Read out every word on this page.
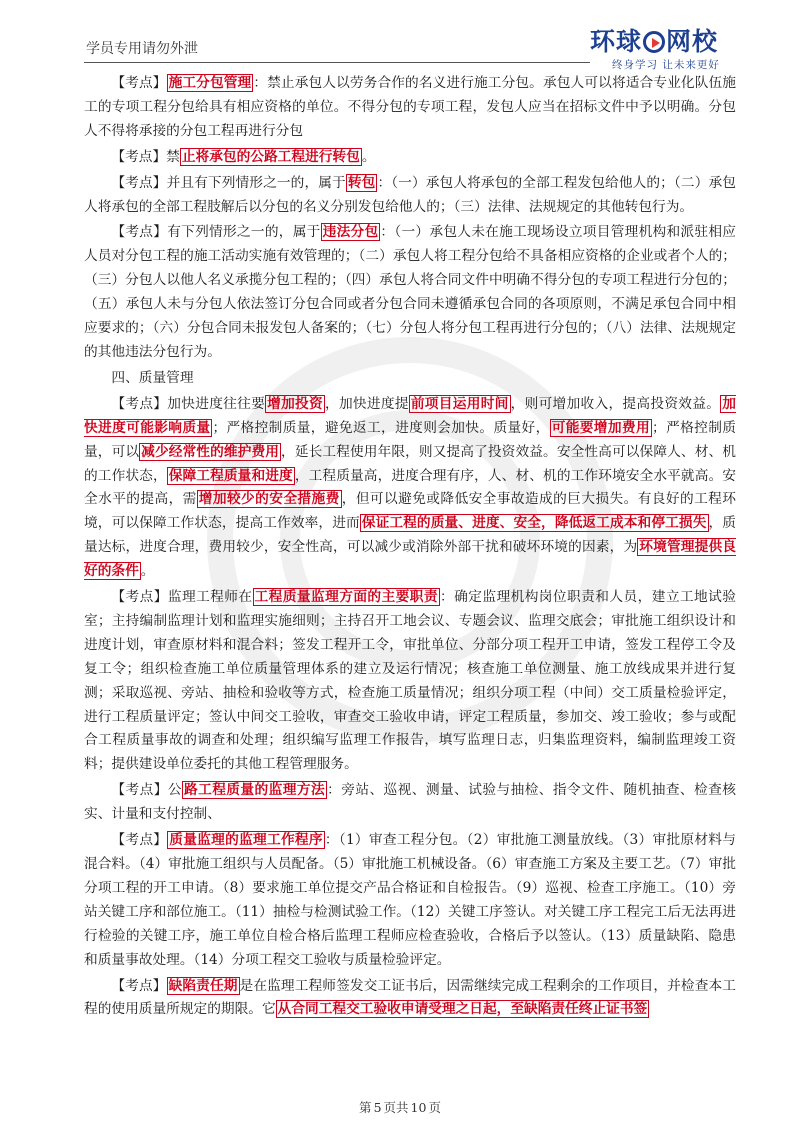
学员专用请勿外泄	环球 网校
终身学习 让未来更好

【考点】 施工分包管理 ：禁止承包人以劳务合作的名义进行施工分包。承包人可以将适合专业化队伍施工的专项工程分包给具有相应资格的单位。不得分包的专项工程，发包人应当在招标文件中予以明确。分包人不得将承接的分包工程再进行分包

【考点】禁 止将承包的公路工程进行转包 。

【考点】并且有下列情形之一的，属于 转包 ：（一）承包人将承包的全部工程发包给他人的；（二）承包人将承包的全部工程肢解后以分包的名义分别发包给他人的；（三）法律、法规规定的其他转包行为。

【考点】有下列情形之一的，属于 违法分包 ：（一）承包人未在施工现场设立项目管理机构和派驻相应人员对分包工程的施工活动实施有效管理的；（二）承包人将工程分包给不具备相应资格的企业或者个人的；（三）分包人以他人名义承揽分包工程的；（四）承包人将合同文件中明确不得分包的专项工程进行分包的；（五）承包人未与分包人依法签订分包合同或者分包合同未遵循承包合同的各项原则，不满足承包合同中相应要求的；（六）分包合同未报发包人备案的；（七）分包人将分包工程再进行分包的；（八）法律、法规规定的其他违法分包行为。

四、质量管理

【考点】加快进度往往要 增加投资 ，加快进度提 前项目运用时间 ，则可增加收入，提高投资效益。 加快进度可能影响质量 ；严格控制质量，避免返工，进度则会加快。质量好， 可能要增加费用 ；严格控制质量，可以 减少经常性的维护费用 ，延长工程使用年限，则又提高了投资效益。安全性高可以保障人、材、机的工作状态， 保障工程质量和进度 ，工程质量高，进度合理有序，人、材、机的工作环境安全水平就高。安全水平的提高，需 增加较少的安全措施费 ，但可以避免或降低安全事故造成的巨大损失。有良好的工程环境，可以保障工作状态，提高工作效率，进而 保证工程的质量、进度、安全，降低返工成本和停工损失 ，质量达标，进度合理，费用较少，安全性高，可以减少或消除外部干扰和破坏环境的因素，为 环境管理提供良好的条件 。

【考点】监理工程师在 工程质量监理方面的主要职责 ：确定监理机构岗位职责和人员，建立工地试验室；主持编制监理计划和监理实施细则；主持召开工地会议、专题会议、监理交底会；审批施工组织设计和进度计划，审查原材料和混合料；签发工程开工令，审批单位、分部分项工程开工申请，签发工程停工令及复工令；组织检查施工单位质量管理体系的建立及运行情况；核查施工单位测量、施工放线成果并进行复测；采取巡视、旁站、抽检和验收等方式，检查施工质量情况；组织分项工程（中间）交工质量检验评定，进行工程质量评定；签认中间交工验收，审查交工验收申请，评定工程质量，参加交、竣工验收；参与或配合工程质量事故的调查和处理；组织编写监理工作报告，填写监理日志，归集监理资料，编制监理竣工资料；提供建设单位委托的其他工程管理服务。

【考点】公 路工程质量的监理方法 ：旁站、巡视、测量、试验与抽检、指令文件、随机抽查、检查核实、计量和支付控制、

【考点】 质量监理的监理工作程序 ：（1）审查工程分包。（2）审批施工测量放线。（3）审批原材料与混合料。（4）审批施工组织与人员配备。（5）审批施工机械设备。（6）审查施工方案及主要工艺。（7）审批分项工程的开工申请。（8）要求施工单位提交产品合格证和自检报告。（9）巡视、检查工序施工。（10）旁站关键工序和部位施工。（11）抽检与检测试验工作。（12）关键工序签认。对关键工序工程完工后无法再进行检验的关键工序，施工单位自检合格后监理工程师应检查验收，合格后予以签认。（13）质量缺陷、隐患和质量事故处理。（14）分项工程交工验收与质量检验评定。

【考点】 缺陷责任期 是在监理工程师签发交工证书后，因需继续完成工程剩余的工作项目，并检查本工程的使用质量所规定的期限。它 从合同工程交工验收申请受理之日起，至缺陷责任终止证书签

第 5 页共 10 页
